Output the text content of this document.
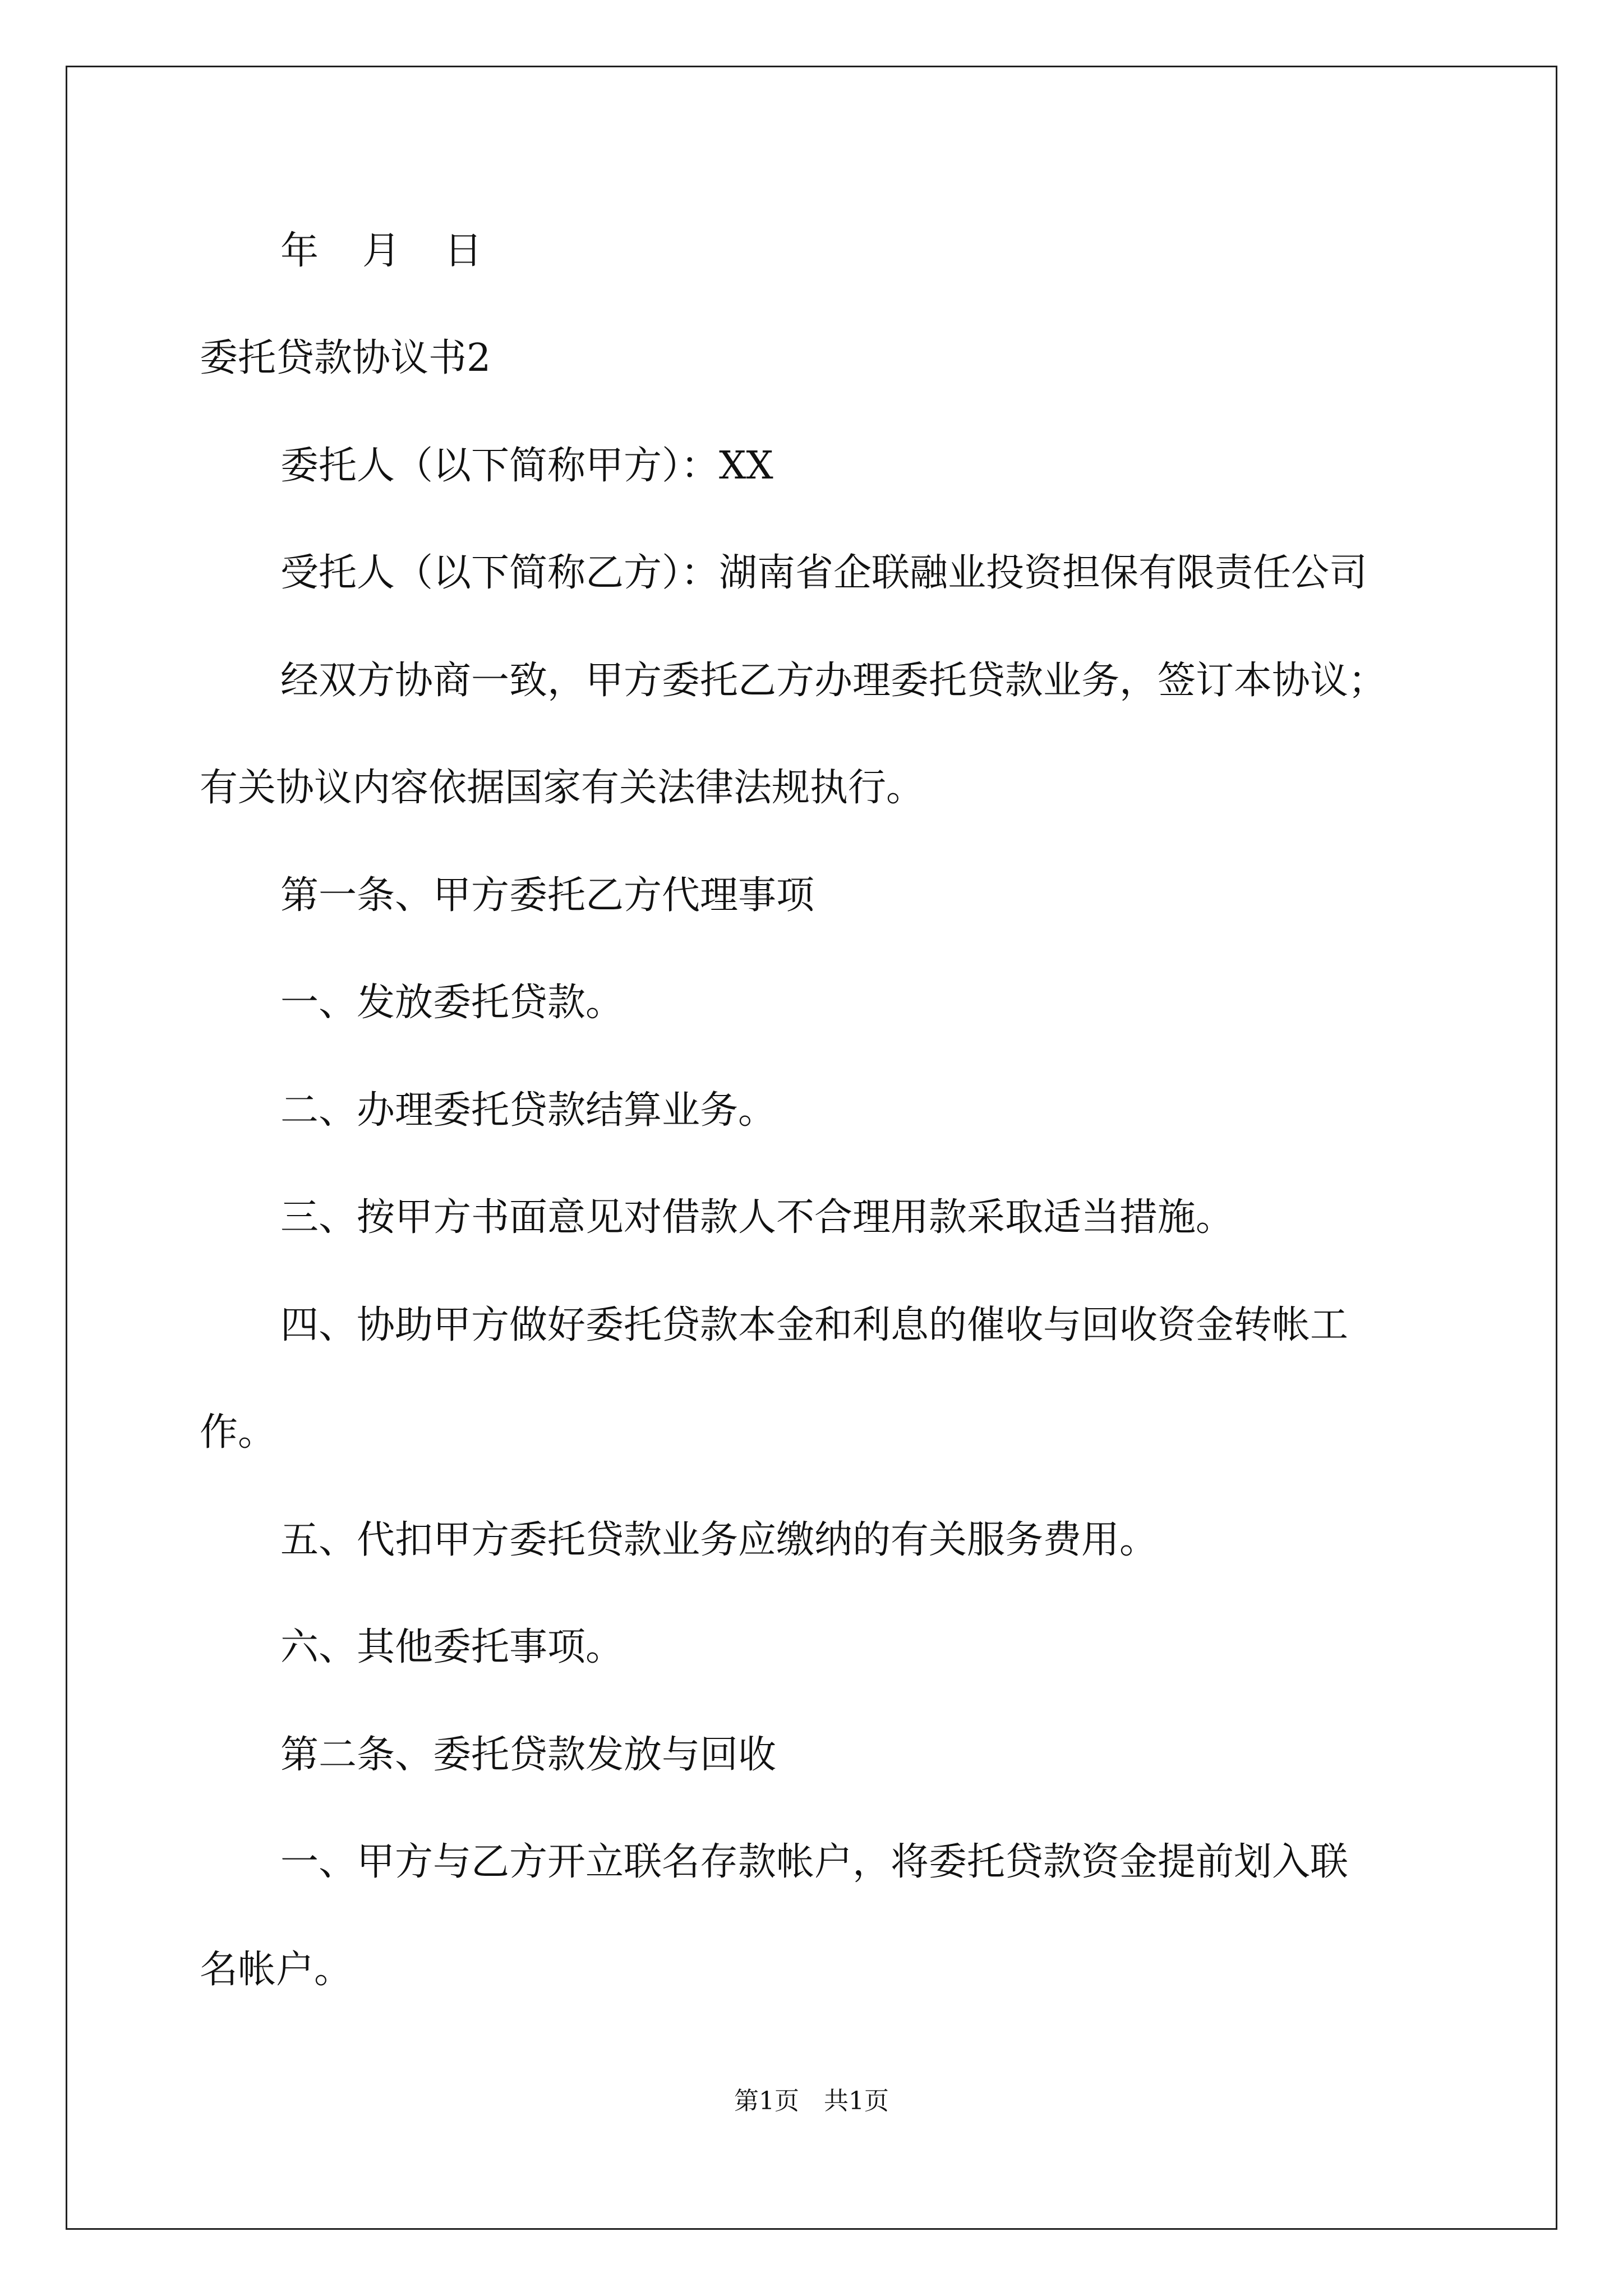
年 月 日
委托贷款协议书2
委托人（以下简称甲方）：XX
受托人（以下简称乙方）：湖南省企联融业投资担保有限责任公司
经双方协商一致，甲方委托乙方办理委托贷款业务，签订本协议；
有关协议内容依据国家有关法律法规执行。
第一条、甲方委托乙方代理事项
一、发放委托贷款。
二、办理委托贷款结算业务。
三、按甲方书面意见对借款人不合理用款采取适当措施。
四、协助甲方做好委托贷款本金和利息的催收与回收资金转帐工
作。
五、代扣甲方委托贷款业务应缴纳的有关服务费用。
六、其他委托事项。
第二条、委托贷款发放与回收
一、甲方与乙方开立联名存款帐户，将委托贷款资金提前划入联
名帐户。
第1页 共1页
